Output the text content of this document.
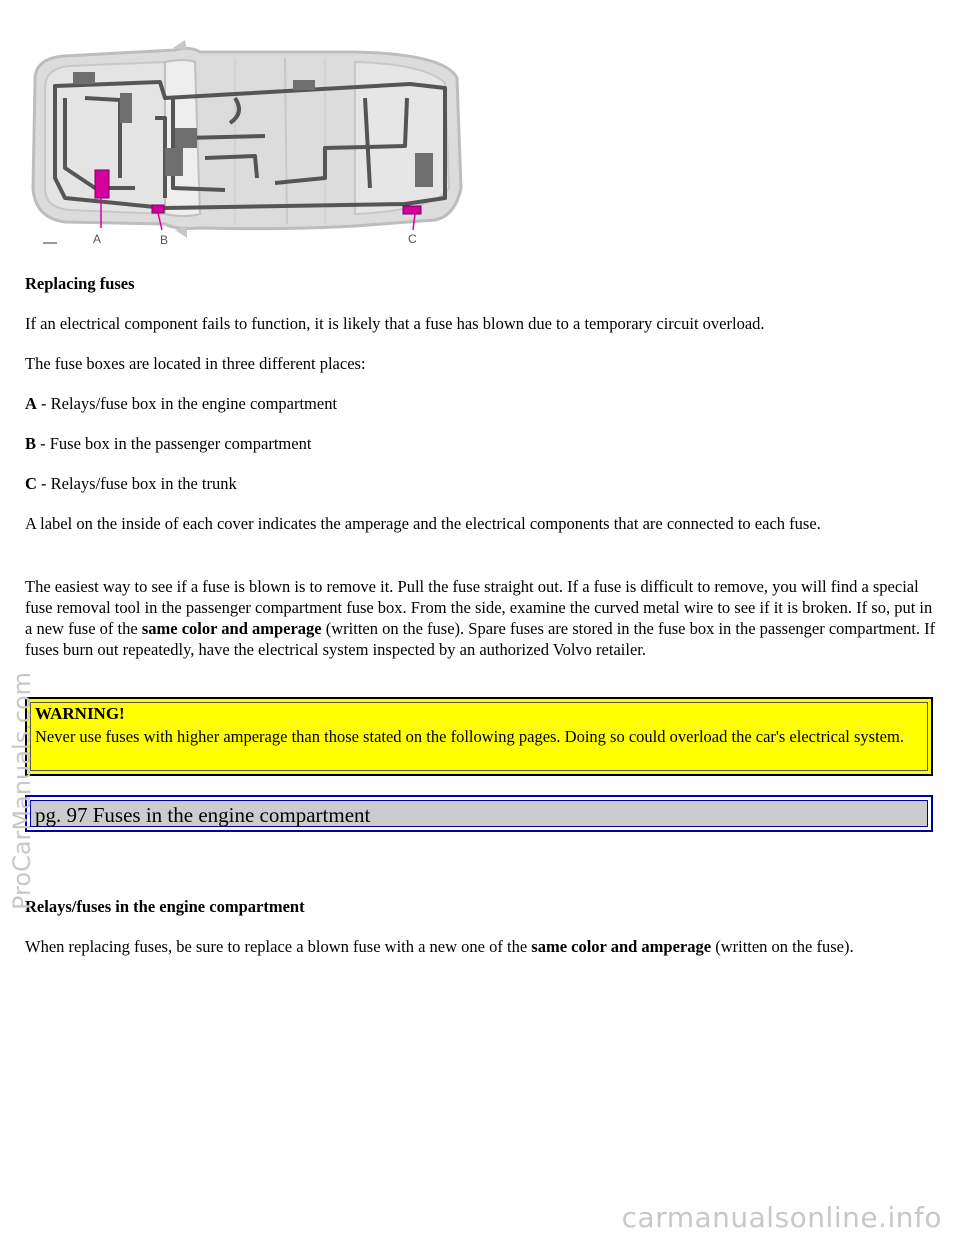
A	B	C

Replacing fuses

If an electrical component fails to function, it is likely that a fuse has blown due to a temporary circuit overload.

The fuse boxes are located in three different places:

A - Relays/fuse box in the engine compartment

B - Fuse box in the passenger compartment

C - Relays/fuse box in the trunk

A label on the inside of each cover indicates the amperage and the electrical components that are connected to each fuse.

The easiest way to see if a fuse is blown is to remove it. Pull the fuse straight out. If a fuse is difficult to remove, you will find a special fuse removal tool in the passenger compartment fuse box. From the side, examine the curved metal wire to see if it is broken. If so, put in a new fuse of the same color and amperage (written on the fuse). Spare fuses are stored in the fuse box in the passenger compartment. If fuses burn out repeatedly, have the electrical system inspected by an authorized Volvo retailer.

WARNING!
Never use fuses with higher amperage than those stated on the following pages. Doing so could overload the car's electrical system.
pg. 97 Fuses in the engine compartment

Relays/fuses in the engine compartment

When replacing fuses, be sure to replace a blown fuse with a new one of the same color and amperage (written on the fuse).

ProCarManuals.com
carmanualsonline.info
